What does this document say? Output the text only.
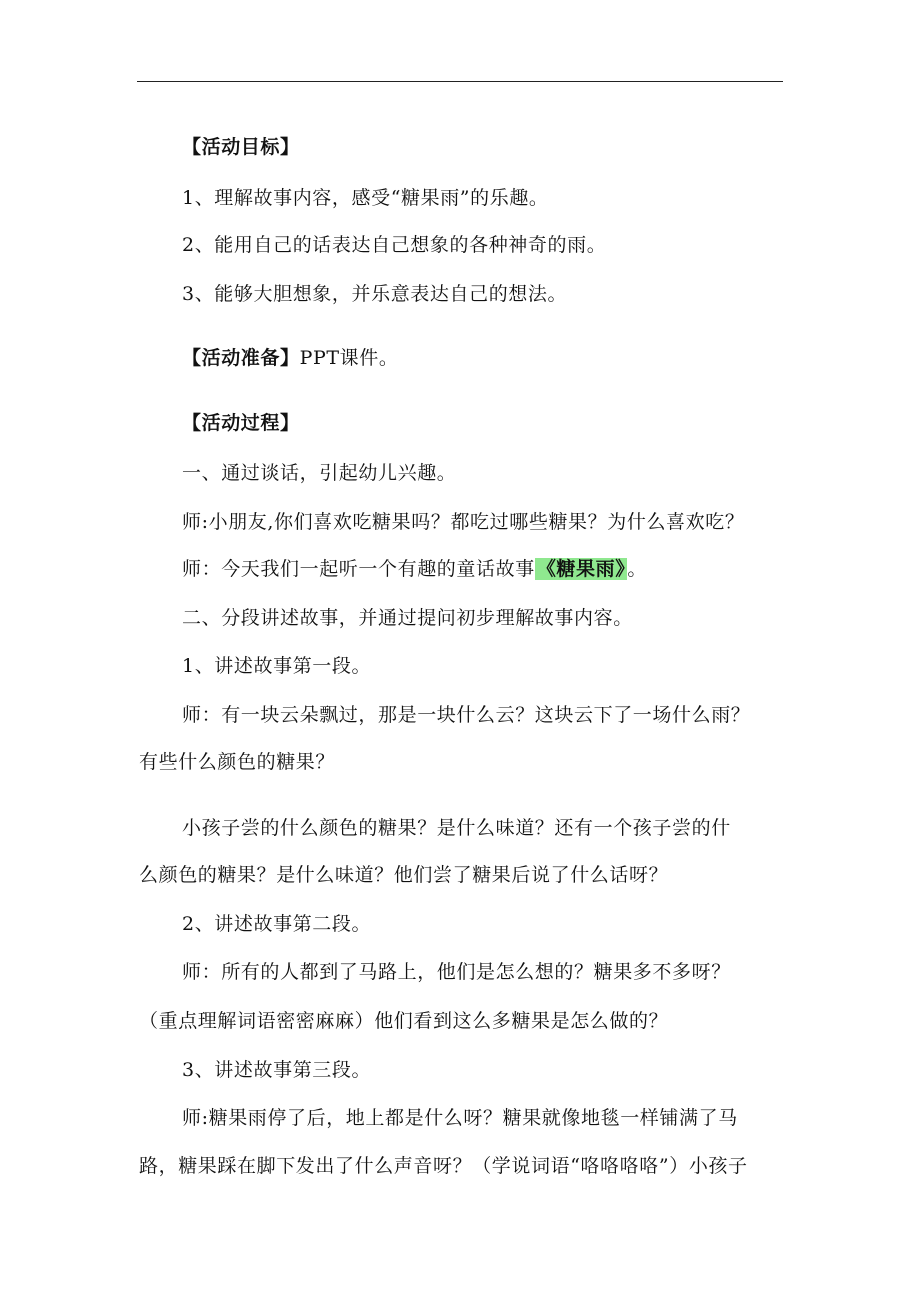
【活动目标】
1、理解故事内容，感受“糖果雨”的乐趣。
2、能用自己的话表达自己想象的各种神奇的雨。
3、能够大胆想象，并乐意表达自己的想法。
【活动准备】PPT课件。
【活动过程】
一、通过谈话，引起幼儿兴趣。
师:小朋友,你们喜欢吃糖果吗？都吃过哪些糖果？为什么喜欢吃？
师：今天我们一起听一个有趣的童话故事 《糖果雨》 。
二、分段讲述故事，并通过提问初步理解故事内容。
1、讲述故事第一段。
师：有一块云朵飘过，那是一块什么云？这块云下了一场什么雨？
有些什么颜色的糖果？
小孩子尝的什么颜色的糖果？是什么味道？还有一个孩子尝的什
么颜色的糖果？是什么味道？他们尝了糖果后说了什么话呀？
2、讲述故事第二段。
师：所有的人都到了马路上，他们是怎么想的？糖果多不多呀？
（重点理解词语密密麻麻）他们看到这么多糖果是怎么做的？
3、讲述故事第三段。
师:糖果雨停了后，地上都是什么呀？糖果就像地毯一样铺满了马
路，糖果踩在脚下发出了什么声音呀？（学说词语“咯咯咯咯”）小孩子
